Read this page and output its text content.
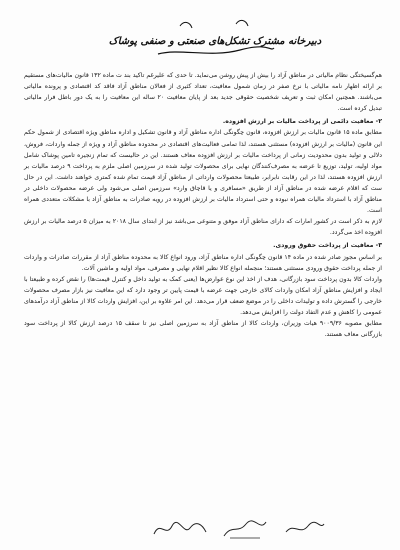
دبیرخانه مشترک تشکل‌های صنعتی و صنفی پوشاک

هم‌گسیختگی نظام مالیاتی در مناطق آزاد را بیش از پیش روشن می‌نماید. تا حدی که علیرغم تاکید بند ت ماده ۱۳۲ قانون مالیات‌های مستقیم بر ارائه اظهار نامه مالیاتی با نرخ صفر در زمان شمول معافیت، تعداد کثیری از فعالان مناطق آزاد فاقد کد اقتصادی و پرونده مالیاتی می‌باشند. همچنین امکان ثبت و تعریف شخصیت حقوقی جدید بعد از پایان معافیت ۲۰ ساله این معافیت را به یک دور باطل فرار مالیاتی تبدیل کرده است.

۲- معافیت دائمی از پرداخت مالیات بر ارزش افزوده.

مطابق ماده ۱۵ قانون مالیات بر ارزش افزوده، قانون چگونگی اداره مناطق آزاد و قانون تشکیل و اداره مناطق ویژه اقتصادی از شمول حکم این قانون (مالیات بر ارزش افزوده) مستثنی هستند، لذا تمامی فعالیت‌های اقتصادی در محدوده مناطق آزاد و ویژه از جمله واردات، فروش، دلالی و تولید بدون محدودیت زمانی از پرداخت مالیات بر ارزش افزوده معاف هستند. این در حالیست که تمام زنجیره تامین پوشاک شامل مواد اولیه، تولید، توزیع تا عرضه به مصرف‌کنندگان نهایی برای محصولات تولید شده در سرزمین اصلی ملزم به پرداخت ۹ درصد مالیات بر ارزش افزوده هستند، لذا در این رقابت نابرابر، طبیعتا محصولات وارداتی از مناطق آزاد قیمت تمام شده کمتری خواهند داشت. این در حال ست که اقلام عرضه شده در مناطق آزاد از طریق «مسافری و یا قاچاق وارد» سرزمین اصلی می‌شود ولی عرضه محصولات داخلی در مناطق آزاد با استرداد مالیات همراه نبوده و حتی استرداد مالیات بر ارزش افزوده در رویه صادرات به مناطق آزاد با مشکلات متعددی همراه است.

لازم به ذکر است در کشور امارات که دارای مناطق آزاد موفق و متنوعی می‌باشد نیز از ابتدای سال ۲۰۱۸ به میزان ۵ درصد مالیات بر ارزش افزوده اخذ می‌گردد.

۳- معافیت از پرداخت حقوق ورودی.

بر اساس مجوز صادر شده در ماده ۱۴ قانون چگونگی اداره مناطق آزاد، ورود انواع کالا به محدوده مناطق آزاد از مقررات صادرات و واردات از جمله پرداخت حقوق ورودی مستثنی هستند؛ منجمله انواع کالا نظیر اقلام نهایی و مصرفی، مواد اولیه و ماشین آلات.

واردات کالا بدون پرداخت سود بازرگانی، هدف از اخذ این نوع عوارض‌ها (یعنی کمک به تولید داخل و کنترل قیمت‌ها) را نقض کرده و طبیعتا با ایجاد و افزایش مناطق آزاد امکان واردات کالای خارجی جهت عرضه با قیمت پایین تر وجود دارد که این معافیت نیز بازار مصرف محصولات خارجی را گسترش داده و تولیدات داخلی را در موضع ضعف قرار می‌دهد. این امر علاوه بر این، افزایش واردات کالا از مناطق آزاد درآمدهای عمومی را کاهش و عدم التفاد دولت را افزایش می‌دهد.

مطابق مصوبه ۹۰۰۹/۳۶ هیات وزیران، واردات کالا از مناطق آزاد به سرزمین اصلی نیز تا سقف ۱۵ درصد ارزش کالا از پرداخت سود بازرگانی معاف هستند.
